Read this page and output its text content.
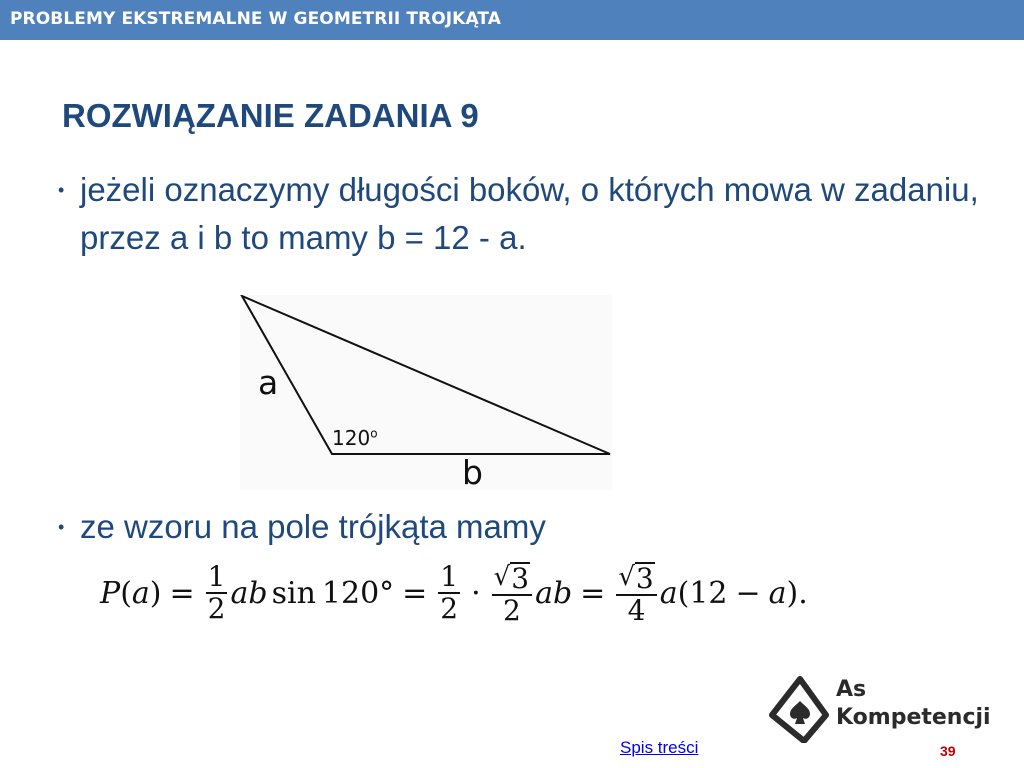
PROBLEMY EKSTREMALNE W GEOMETRII TROJKĄTA
ROZWIĄZANIE ZADANIA 9
• jeżeli oznaczymy długości boków, o których mowa w zadaniu, przez a i b to mamy b = 12 - a.
a
b
120$^o$
• ze wzoru na pole trójkąta mamy
P ( a ) = $\frac{1}{2}$ ab $\sin 120^\circ = \frac{1}{2} \cdot \frac{√ 3}{2}$ ab = $\frac{√ 3}{4}$ a ( 12 − a ) .
As
Kompetencji
Spis treści	39
